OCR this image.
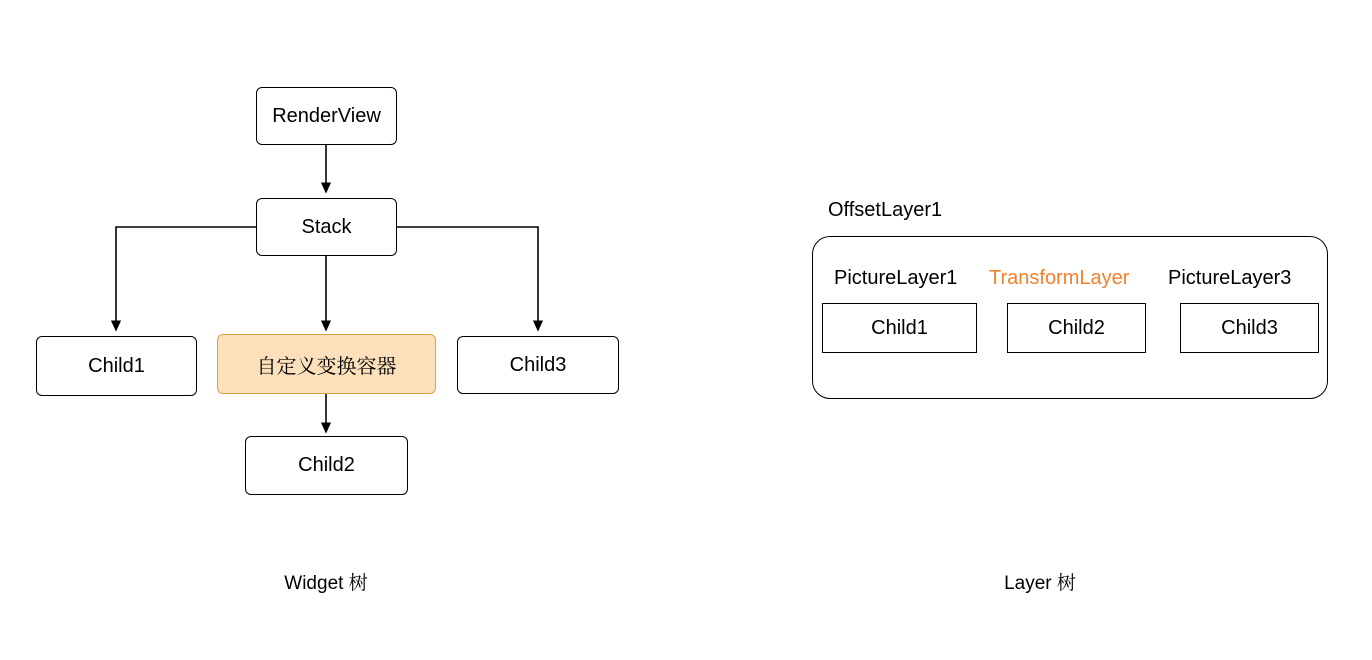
RenderView
Stack
Child1	自定义变换容器	Child3
Child2
Widget 树
OffsetLayer1
PictureLayer1 TransformLayer PictureLayer3
Child1	Child2	Child3
Layer 树
